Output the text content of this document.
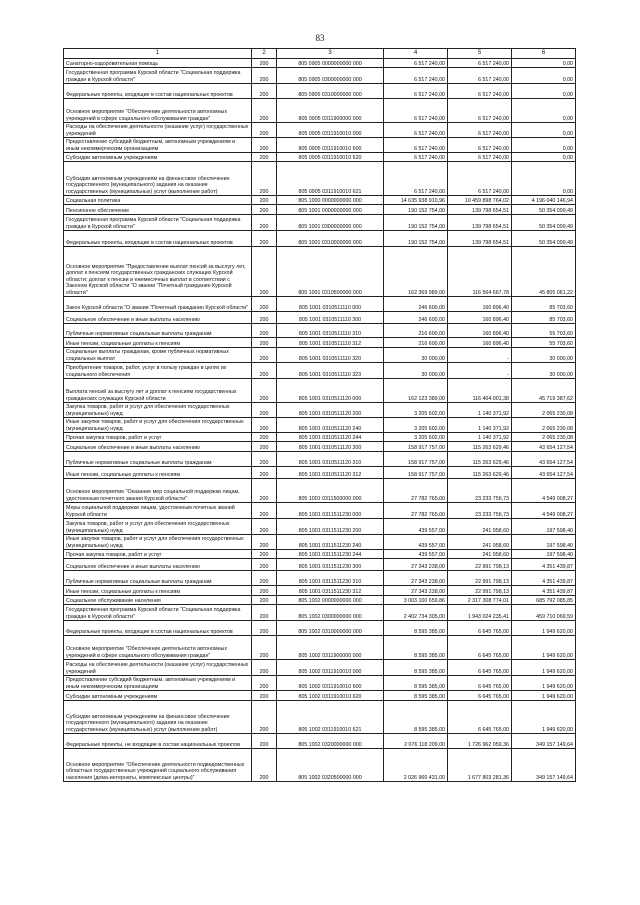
83
1	2	3	4	5	6
Санаторно-оздоровительная помощь	200	805 0905 0000000000 000	6 517 240,00	6 517 240,00	0,00
Государственная программа Курской области "Социальная поддержка граждан в Курской области"	200	805 0905 0300000000 000	6 517 240,00	6 517 240,00	0,00
Федеральные проекты, входящие в состав национальных проектов	200	805 0905 0310000000 000	6 517 240,00	6 517 240,00	0,00
Основное мероприятие "Обеспечение деятельности автономных учреждений в сфере социального обслуживания граждан"	200	805 0905 0311900000 000	6 517 240,00	6 517 240,00	0,00
Расходы на обеспечение деятельности (оказание услуг) государственных учреждений	200	805 0905 0311910010 000	6 517 240,00	6 517 240,00	0,00
Предоставление субсидий бюджетным, автономным учреждениям и иным некоммерческим организациям	200	805 0905 0311910010 600	6 517 240,00	6 517 240,00	0,00
Субсидии автономным учреждениям	200	805 0905 0311910010 620	6 517 240,00	6 517 240,00	0,00
Субсидии автономным учреждениям на финансовое обеспечение государственного (муниципального) задания на оказание государственных (муниципальных) услуг (выполнение работ)	200	805 0905 0311910010 621	6 517 240,00	6 517 240,00	0,00
Социальная политика	200	805 1000 0000000000 000	14 635 938 910,96	10 459 898 764,02	4 196 040 146,94
Пенсионное обеспечение	200	805 1001 0000000000 000	190 152 754,00	139 798 654,51	50 354 099,49
Государственная программа Курской области "Социальная поддержка граждан в Курской области"	200	805 1001 0300000000 000	190 152 754,00	139 798 654,51	50 354 099,49
Федеральные проекты, входящие в состав национальных проектов	200	805 1001 0310000000 000	190 152 754,00	139 798 654,51	50 354 099,49
Основное мероприятие "Предоставление выплат пенсий за выслугу лет, доплат к пенсиям государственных гражданских служащих Курской области; доплат к пенсии и ежемесячных выплат в соответствии с Законом Курской области "О звании "Почетный гражданин Курской области"	200	805 1001 0310500000 000	162 369 989,00	116 564 667,78	45 805 061,22
Закон Курской области "О звании "Почетный гражданин Курской области"	200	805 1001 0310511110 000	246 600,00	160 896,40	85 703,60
Социальное обеспечение и иные выплаты населению	200	805 1001 0310511110 300	246 600,00	160 896,40	85 703,60
Публичные нормативные социальные выплаты гражданам	200	805 1001 0310511110 310	216 600,00	160 896,40	55 703,60
Иные пенсии, социальные доплаты к пенсиям	200	805 1001 0310511110 312	216 600,00	160 896,40	55 703,60
Социальные выплаты гражданам, кроме публичных нормативных социальных выплат	200	805 1001 0310511110 320	30 000,00	-	30 000,00
Приобретение товаров, работ, услуг в пользу граждан в целях их социального обеспечения	200	805 1001 0310511110 323	30 000,00	-	30 000,00
Выплата пенсий за выслугу лет и доплат к пенсиям государственных гражданских служащих Курской области	200	805 1001 0310511120 000	162 123 389,00	116 404 001,38	45 719 387,62
Закупка товаров, работ и услуг для обеспечения государственных (муниципальных) нужд	200	805 1001 0310511120 200	3 205 602,00	1 140 371,92	2 065 230,08
Иные закупки товаров, работ и услуг для обеспечения государственных (муниципальных) нужд	200	805 1001 0310511120 240	3 205 602,00	1 140 371,92	2 065 230,08
Прочая закупка товаров, работ и услуг	200	805 1001 0310511120 244	3 205 602,00	1 140 371,92	2 065 230,08
Социальное обеспечение и иные выплаты населению	200	805 1001 0310511120 300	158 917 757,00	115 263 629,46	43 654 127,54
Публичные нормативные социальные выплаты гражданам	200	805 1001 0310511120 310	158 917 757,00	115 263 629,46	43 654 127,54
Иные пенсии, социальные доплаты к пенсиям	200	805 1001 0310511120 312	158 917 757,00	115 263 629,46	43 654 127,54
Основное мероприятие "Оказание мер социальной поддержки лицам, удостоенным почетного звания Курской области"	200	805 1001 0311500000 000	27 782 765,00	23 233 756,73	4 549 008,27
Меры социальной поддержки лицам, удостоенным почетных званий Курской области	200	805 1001 0311511230 000	27 782 765,00	23 233 756,73	4 549 008,27
Закупка товаров, работ и услуг для обеспечения государственных (муниципальных) нужд	200	805 1001 0311511230 200	439 557,00	241 958,60	197 598,40
Иные закупки товаров, работ и услуг для обеспечения государственных (муниципальных) нужд	200	805 1001 0311511230 240	439 557,00	241 958,60	197 598,40
Прочая закупка товаров, работ и услуг	200	805 1001 0311511230 244	439 557,00	241 958,60	197 598,40
Социальное обеспечение и иные выплаты населению	200	805 1001 0311511230 300	27 343 238,00	22 991 798,13	4 351 439,87
Публичные нормативные социальные выплаты гражданам	200	805 1001 0311511230 310	27 343 238,00	22 991 798,13	4 351 439,87
Иные пенсии, социальные доплаты к пенсиям	200	805 1001 0311511230 312	27 343 238,00	22 991 798,13	4 351 439,87
Социальное обслуживание населения	200	805 1002 0000000000 000	3 003 100 659,86	2 317 308 774,01	685 792 085,85
Государственная программа Курской области "Социальная поддержка граждан в Курской области"	200	805 1002 0300000000 000	2 402 734 305,00	1 943 024 235,41	459 710 069,59
Федеральные проекты, входящие в состав национальных проектов	200	805 1002 0310000000 000	8 595 385,00	6 645 765,00	1 949 620,00
Основное мероприятие "Обеспечение деятельности автономных учреждений в сфере социального обслуживания граждан"	200	805 1002 0311900000 000	8 595 385,00	6 645 765,00	1 949 620,00
Расходы на обеспечение деятельности (оказание услуг) государственных учреждений	200	805 1002 0311910010 000	8 595 385,00	6 645 765,00	1 949 620,00
Предоставление субсидий бюджетным, автономным учреждениям и иным некоммерческим организациям	200	805 1002 0311910010 600	8 595 385,00	6 645 765,00	1 949 620,00
Субсидии автономным учреждениям	200	805 1002 0311910010 620	8 595 385,00	6 645 765,00	1 949 620,00
Субсидии автономным учреждениям на финансовое обеспечение государственного (муниципального) задания на оказание государственных (муниципальных) услуг (выполнение работ)	200	805 1002 0311910010 621	8 595 385,00	6 645 765,00	1 949 620,00
Федеральные проекты, не входящие в состав национальных проектов	200	805 1002 0320000000 000	2 076 118 209,00	1 726 962 059,36	349 157 149,64
Основное мероприятие "Обеспечение деятельности подведомственных областных государственных учреждений социального обслуживания населения (дома-интернаты, комплексные центры)"	200	805 1002 0320500000 000	2 026 960 431,00	1 677 803 281,36	349 157 149,64
